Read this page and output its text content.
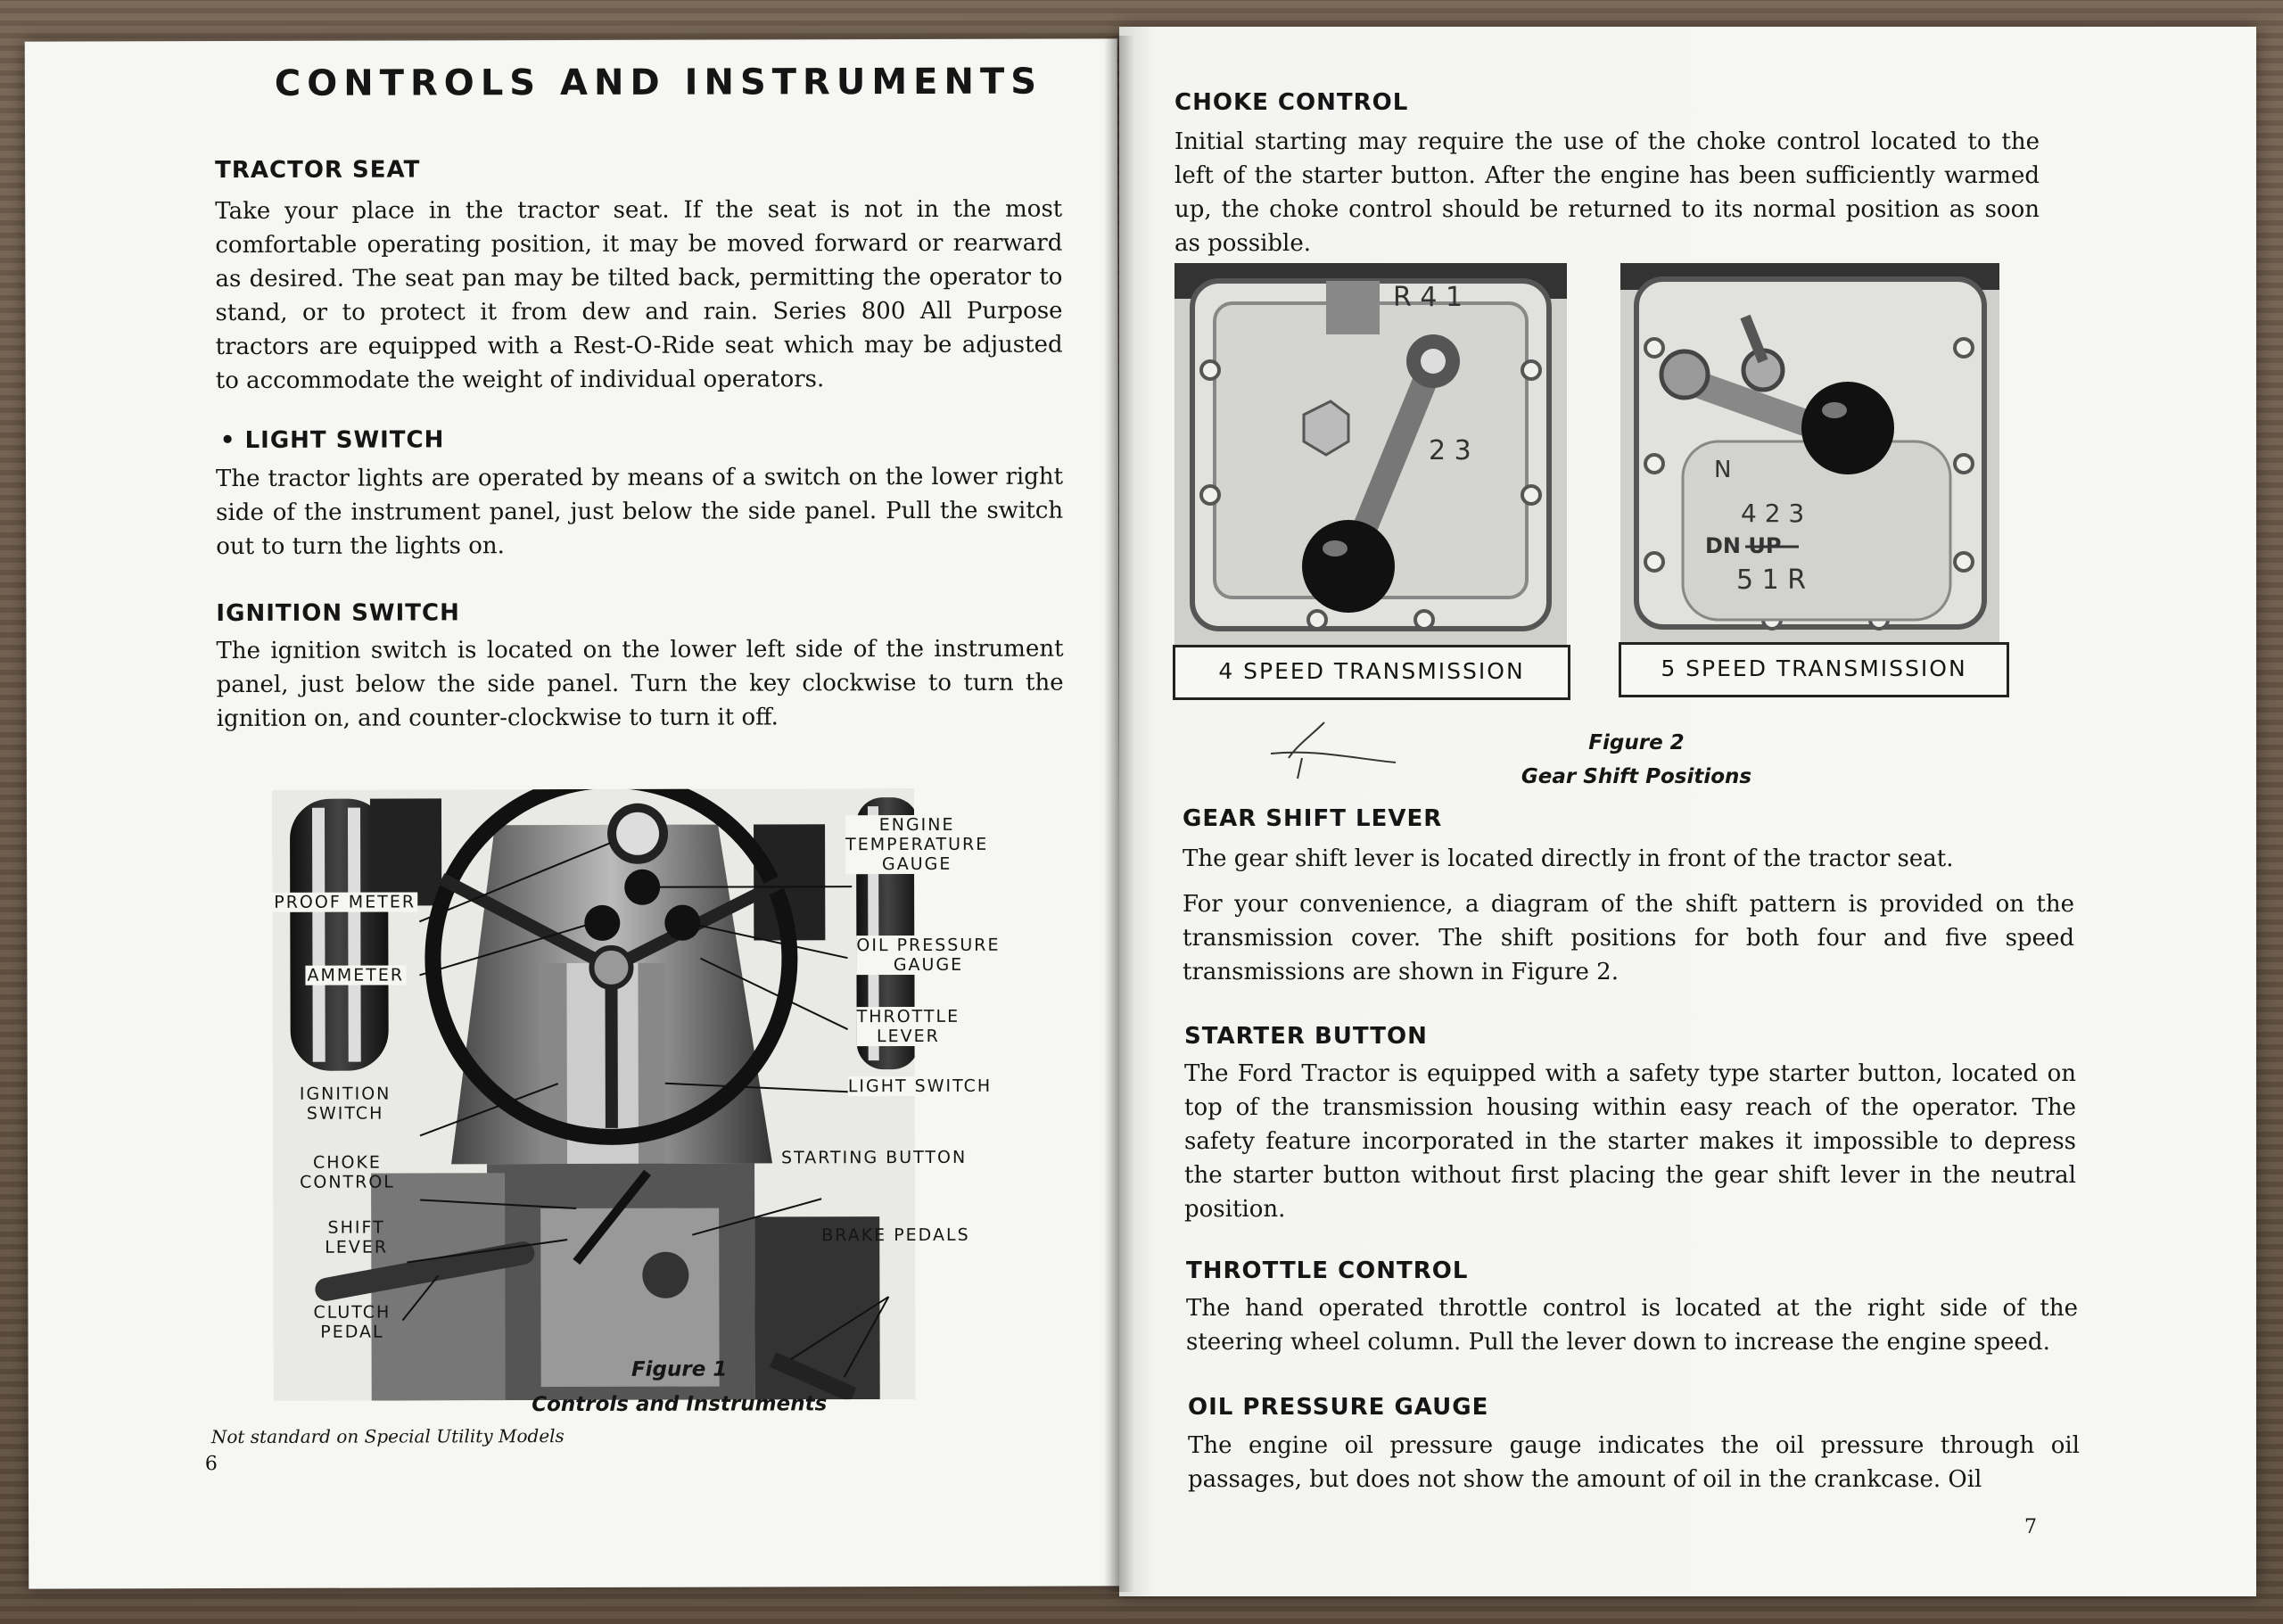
CONTROLS AND INSTRUMENTS
TRACTOR SEAT

Take your place in the tractor seat. If the seat is not in the most comfortable operating position, it may be moved forward or rearward as desired. The seat pan may be tilted back, permitting the operator to stand, or to protect it from dew and rain. Series 800 All Purpose tractors are equipped with a Rest-O-Ride seat which may be adjusted to accommodate the weight of individual operators.

• LIGHT SWITCH

The tractor lights are operated by means of a switch on the lower right side of the instrument panel, just below the side panel. Pull the switch out to turn the lights on.

IGNITION SWITCH

The ignition switch is located on the lower left side of the instrument panel, just below the side panel. Turn the key clockwise to turn the ignition on, and counter-clockwise to turn it off.

PROOF METER
AMMETER
IGNITION
SWITCH
CHOKE
CONTROL
SHIFT
LEVER
CLUTCH
PEDAL
ENGINE
TEMPERATURE
GAUGE
OIL PRESSURE
GAUGE
THROTTLE
LEVER
LIGHT SWITCH
STARTING BUTTON
BRAKE PEDALS

Figure 1

Controls and Instruments

Not standard on Special Utility Models

6

CHOKE CONTROL

Initial starting may require the use of the choke control located to the left of the starter button. After the engine has been sufficiently warmed up, the choke control should be returned to its normal position as soon as possible.

R 4 1
2 3
4 SPEED TRANSMISSION
N
4 2 3
DN UP
5 1 R
5 SPEED TRANSMISSION

Figure 2

Gear Shift Positions

GEAR SHIFT LEVER

The gear shift lever is located directly in front of the tractor seat.

For your convenience, a diagram of the shift pattern is provided on the transmission cover. The shift positions for both four and five speed transmissions are shown in Figure 2.

STARTER BUTTON

The Ford Tractor is equipped with a safety type starter button, located on top of the transmission housing within easy reach of the operator. The safety feature incorporated in the starter makes it impossible to depress the starter button without first placing the gear shift lever in the neutral position.

THROTTLE CONTROL

The hand operated throttle control is located at the right side of the steering wheel column. Pull the lever down to increase the engine speed.

OIL PRESSURE GAUGE

The engine oil pressure gauge indicates the oil pressure through oil passages, but does not show the amount of oil in the crankcase. Oil

7
